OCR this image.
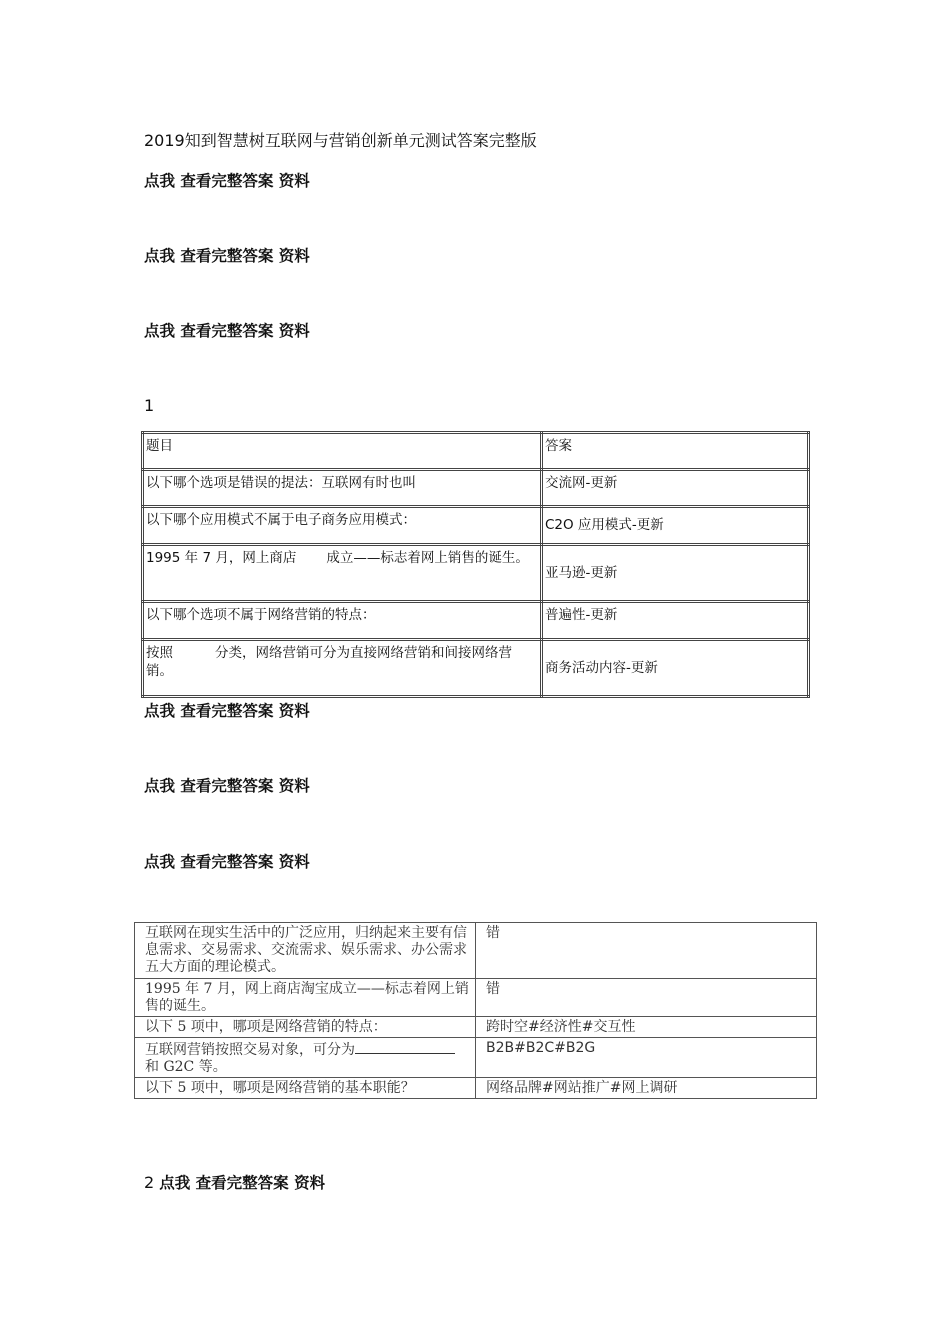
2019知到智慧树互联网与营销创新单元测试答案完整版
点我 查看完整答案 资料
点我 查看完整答案 资料
点我 查看完整答案 资料
1
题目	答案
以下哪个选项是错误的提法：互联网有时也叫	交流网-更新
以下哪个应用模式不属于电子商务应用模式：	C2O 应用模式-更新
1995 年 7 月，网上商店 成立——标志着网上销售的诞生。	亚马逊-更新
以下哪个选项不属于网络营销的特点：	普遍性-更新
按照 分类，网络营销可分为直接网络营销和间接网络营销。	商务活动内容-更新
点我 查看完整答案 资料
点我 查看完整答案 资料
点我 查看完整答案 资料
互联网在现实生活中的广泛应用，归纳起来主要有信息需求、交易需求、交流需求、娱乐需求、办公需求五大方面的理论模式。	错
1995 年 7 月，网上商店淘宝成立——标志着网上销售的诞生。	错
以下 5 项中，哪项是网络营销的特点：	跨时空#经济性#交互性
互联网营销按照交易对象，可分为
和 G2C 等。	B2B#B2C#B2G
以下 5 项中，哪项是网络营销的基本职能？	网络品牌#网站推广#网上调研
2 点我 查看完整答案 资料
